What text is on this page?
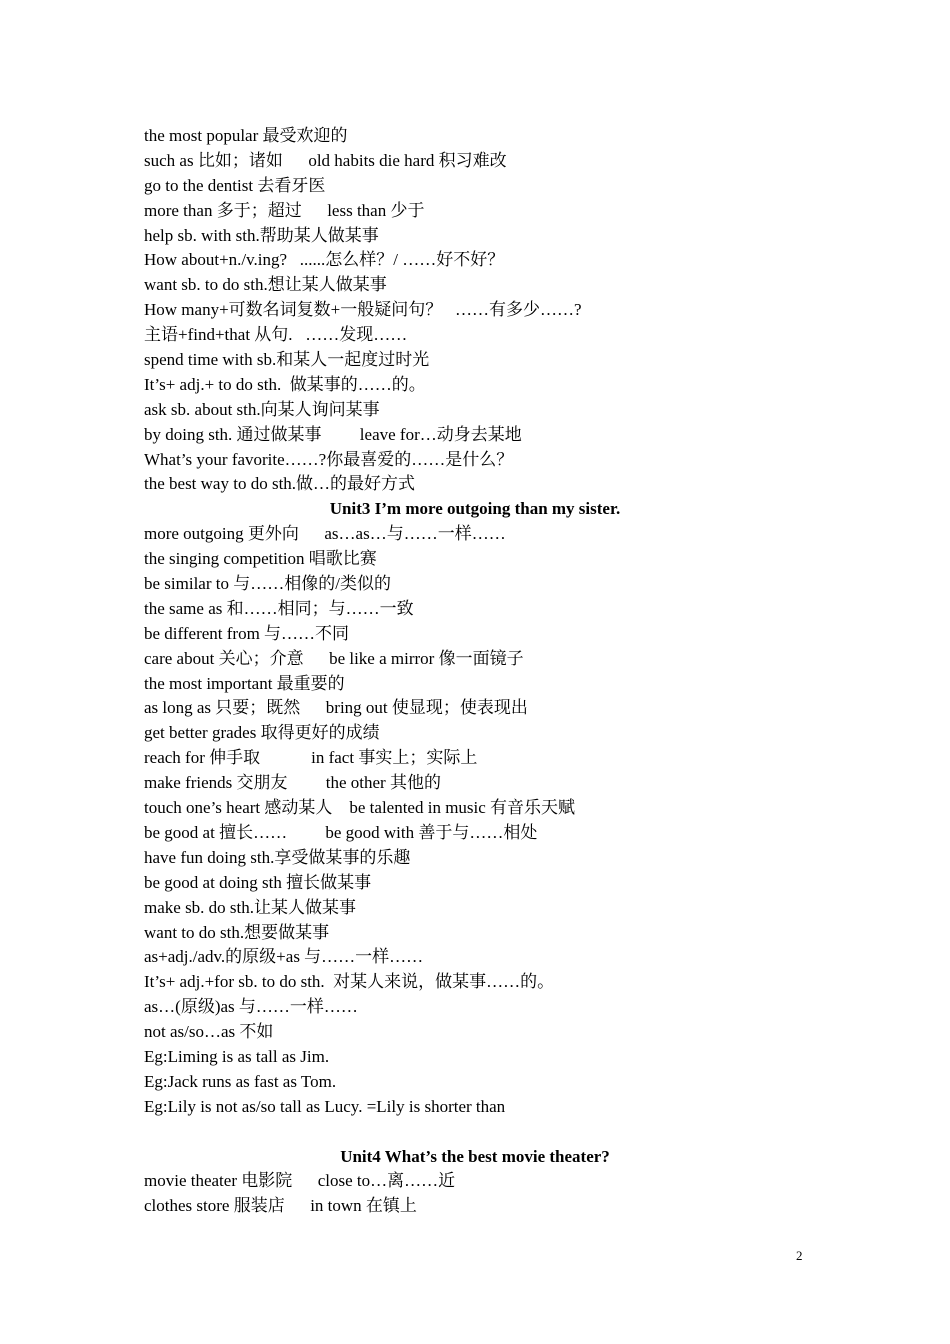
the most popular 最受欢迎的
such as 比如；诸如      old habits die hard 积习难改
go to the dentist 去看牙医
more than 多于；超过      less than 少于
help sb. with sth.帮助某人做某事
How about+n./v.ing?   ......怎么样？/ ……好不好？
want sb. to do sth.想让某人做某事
How many+可数名词复数+一般疑问句？   ……有多少……?
主语+find+that 从句.   ……发现……
spend time with sb.和某人一起度过时光
It’s+ adj.+ to do sth.  做某事的……的。
ask sb. about sth.向某人询问某事
by doing sth. 通过做某事         leave for…动身去某地
What’s your favorite……?你最喜爱的……是什么？
the best way to do sth.做…的最好方式
Unit3 I’m more outgoing than my sister.
more outgoing 更外向      as…as…与……一样……
the singing competition 唱歌比赛
be similar to 与……相像的/类似的
the same as 和……相同；与……一致
be different from 与……不同
care about 关心；介意      be like a mirror 像一面镜子
the most important 最重要的
as long as 只要；既然      bring out 使显现；使表现出
get better grades 取得更好的成绩
reach for 伸手取            in fact 事实上；实际上
make friends 交朋友         the other 其他的
touch one’s heart 感动某人    be talented in music 有音乐天赋
be good at 擅长……         be good with 善于与……相处
have fun doing sth.享受做某事的乐趣
be good at doing sth 擅长做某事
make sb. do sth.让某人做某事
want to do sth.想要做某事
as+adj./adv.的原级+as 与……一样……
It’s+ adj.+for sb. to do sth.  对某人来说，做某事……的。
as…(原级)as 与……一样……
not as/so…as 不如
Eg:Liming is as tall as Jim.
Eg:Jack runs as fast as Tom.
Eg:Lily is not as/so tall as Lucy. =Lily is shorter than
Unit4 What’s the best movie theater?
movie theater 电影院      close to…离……近
clothes store 服装店      in town 在镇上
2
